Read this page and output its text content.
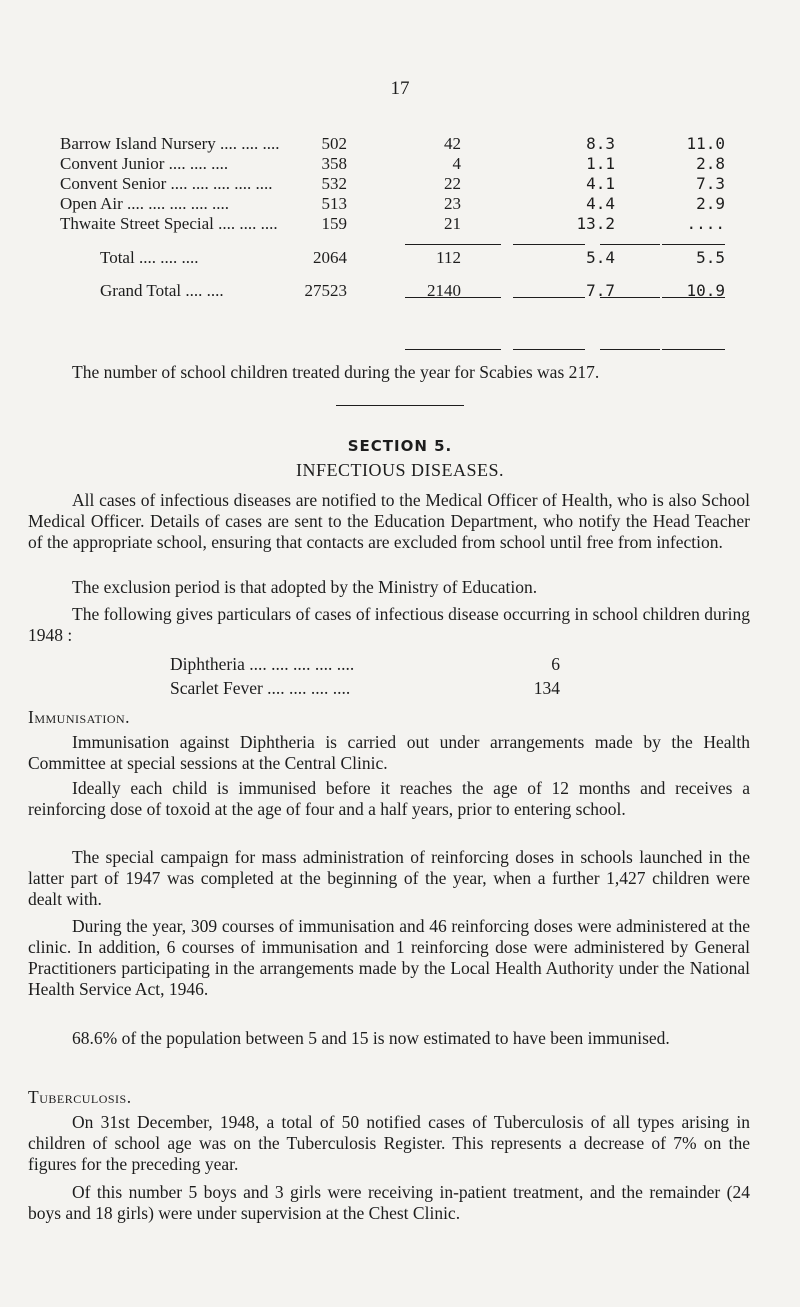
17
Barrow Island Nursery .... .... ....	502	42	8.3	11.0
Convent Junior .... .... ....	358	4	1.1	2.8
Convent Senior .... .... .... .... ....	532	22	4.1	7.3
Open Air .... .... .... .... ....	513	23	4.4	2.9
Thwaite Street Special .... .... ....	159	21	13.2	....
Total .... .... ....	2064	112	5.4	5.5
Grand Total .... ....	27523	2140	7.7	10.9

The number of school children treated during the year for Scabies was 217.

SECTION 5.
INFECTIOUS DISEASES.

All cases of infectious diseases are notified to the Medical Officer of Health, who is also School Medical Officer. Details of cases are sent to the Education Department, who notify the Head Teacher of the appropriate school, ensuring that contacts are excluded from school until free from infection.

The exclusion period is that adopted by the Ministry of Education.

The following gives particulars of cases of infectious disease occurring in school children during 1948 :

Diphtheria .... .... .... .... ....	6
Scarlet Fever .... .... .... ....	134
Immunisation.

Immunisation against Diphtheria is carried out under arrangements made by the Health Committee at special sessions at the Central Clinic.

Ideally each child is immunised before it reaches the age of 12 months and receives a reinforcing dose of toxoid at the age of four and a half years, prior to entering school.

The special campaign for mass administration of reinforcing doses in schools launched in the latter part of 1947 was completed at the beginning of the year, when a further 1,427 children were dealt with.

During the year, 309 courses of immunisation and 46 reinforcing doses were administered at the clinic. In addition, 6 courses of immunisation and 1 reinforcing dose were administered by General Practitioners participating in the arrangements made by the Local Health Authority under the National Health Service Act, 1946.

68.6% of the population between 5 and 15 is now estimated to have been immunised.

Tuberculosis.

On 31st December, 1948, a total of 50 notified cases of Tuberculosis of all types arising in children of school age was on the Tuberculosis Register. This represents a decrease of 7% on the figures for the preceding year.

Of this number 5 boys and 3 girls were receiving in-patient treatment, and the remainder (24 boys and 18 girls) were under supervision at the Chest Clinic.
